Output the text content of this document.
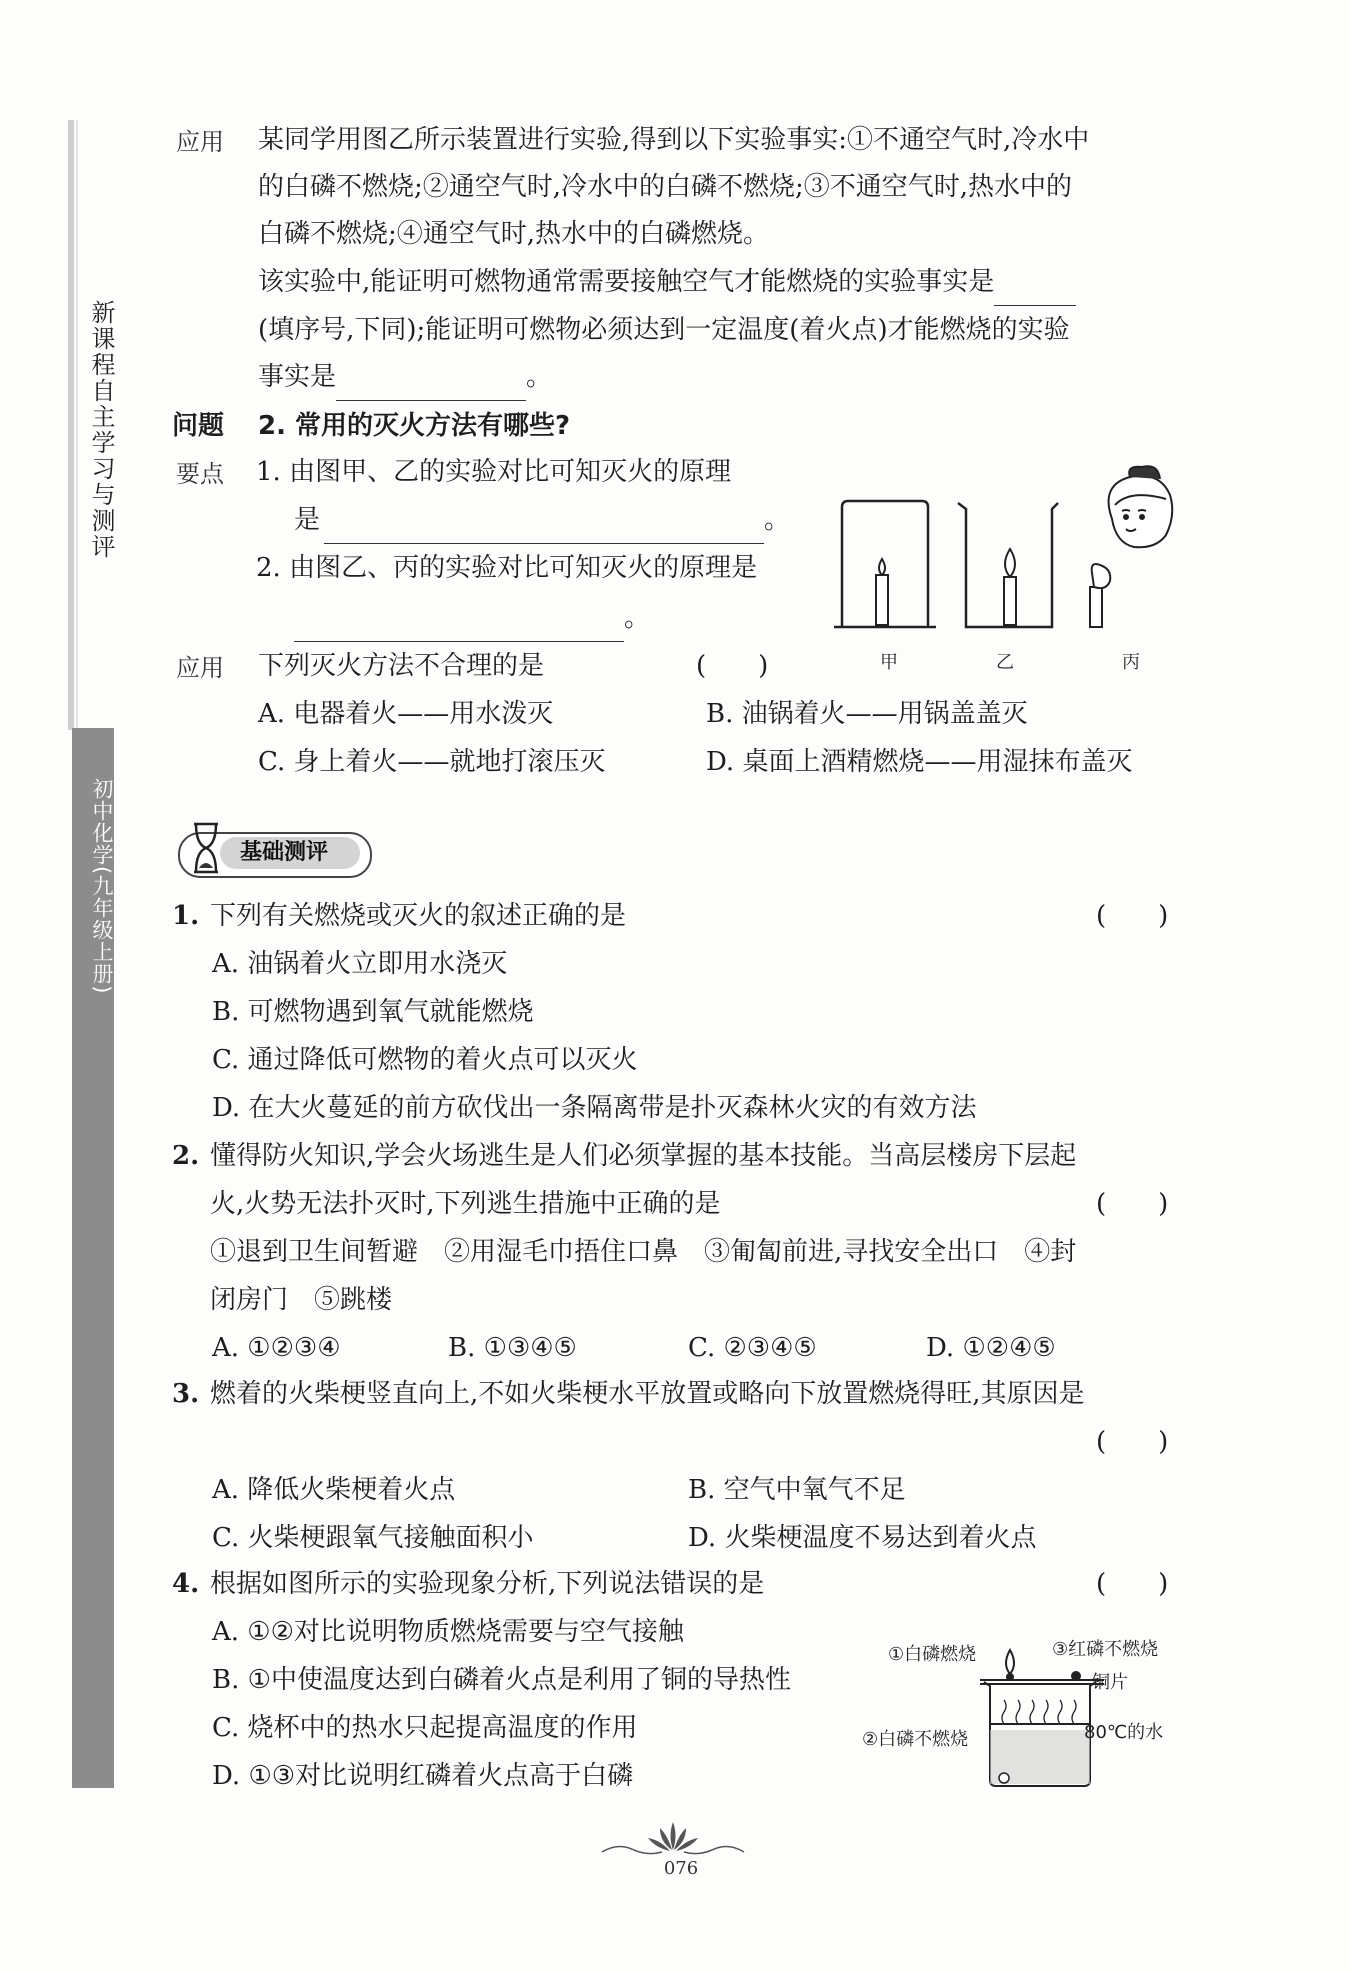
新课程自主学习与测评
初中化学(九年级上册)
应用 某同学用图乙所示装置进行实验,得到以下实验事实:①不通空气时,冷水中
的白磷不燃烧;②通空气时,冷水中的白磷不燃烧;③不通空气时,热水中的
白磷不燃烧;④通空气时,热水中的白磷燃烧。
该实验中,能证明可燃物通常需要接触空气才能燃烧的实验事实是
(填序号,下同);能证明可燃物必须达到一定温度(着火点)才能燃烧的实验
事实是	。
问题 2. 常用的灭火方法有哪些?
要点 1. 由图甲、乙的实验对比可知灭火的原理
是	。
2. 由图乙、丙的实验对比可知灭火的原理是
。
甲	乙	丙
应用 下列灭火方法不合理的是	(　　)
A. 电器着火——用水泼灭	B. 油锅着火——用锅盖盖灭
C. 身上着火——就地打滚压灭	D. 桌面上酒精燃烧——用湿抹布盖灭
基础测评
1. 下列有关燃烧或灭火的叙述正确的是	(　　)
A. 油锅着火立即用水浇灭
B. 可燃物遇到氧气就能燃烧
C. 通过降低可燃物的着火点可以灭火
D. 在大火蔓延的前方砍伐出一条隔离带是扑灭森林火灾的有效方法
2. 懂得防火知识,学会火场逃生是人们必须掌握的基本技能。当高层楼房下层起
火,火势无法扑灭时,下列逃生措施中正确的是	(　　)
①退到卫生间暂避　②用湿毛巾捂住口鼻　③匍匐前进,寻找安全出口　④封
闭房门　⑤跳楼
A. ①②③④	B. ①③④⑤	C. ②③④⑤	D. ①②④⑤
3. 燃着的火柴梗竖直向上,不如火柴梗水平放置或略向下放置燃烧得旺,其原因是
(　　)
A. 降低火柴梗着火点	B. 空气中氧气不足
C. 火柴梗跟氧气接触面积小	D. 火柴梗温度不易达到着火点
4. 根据如图所示的实验现象分析,下列说法错误的是	(　　)
A. ①②对比说明物质燃烧需要与空气接触
B. ①中使温度达到白磷着火点是利用了铜的导热性
C. 烧杯中的热水只起提高温度的作用
D. ①③对比说明红磷着火点高于白磷
①白磷燃烧	③红磷不燃烧
铜片
②白磷不燃烧	80℃的水
076
